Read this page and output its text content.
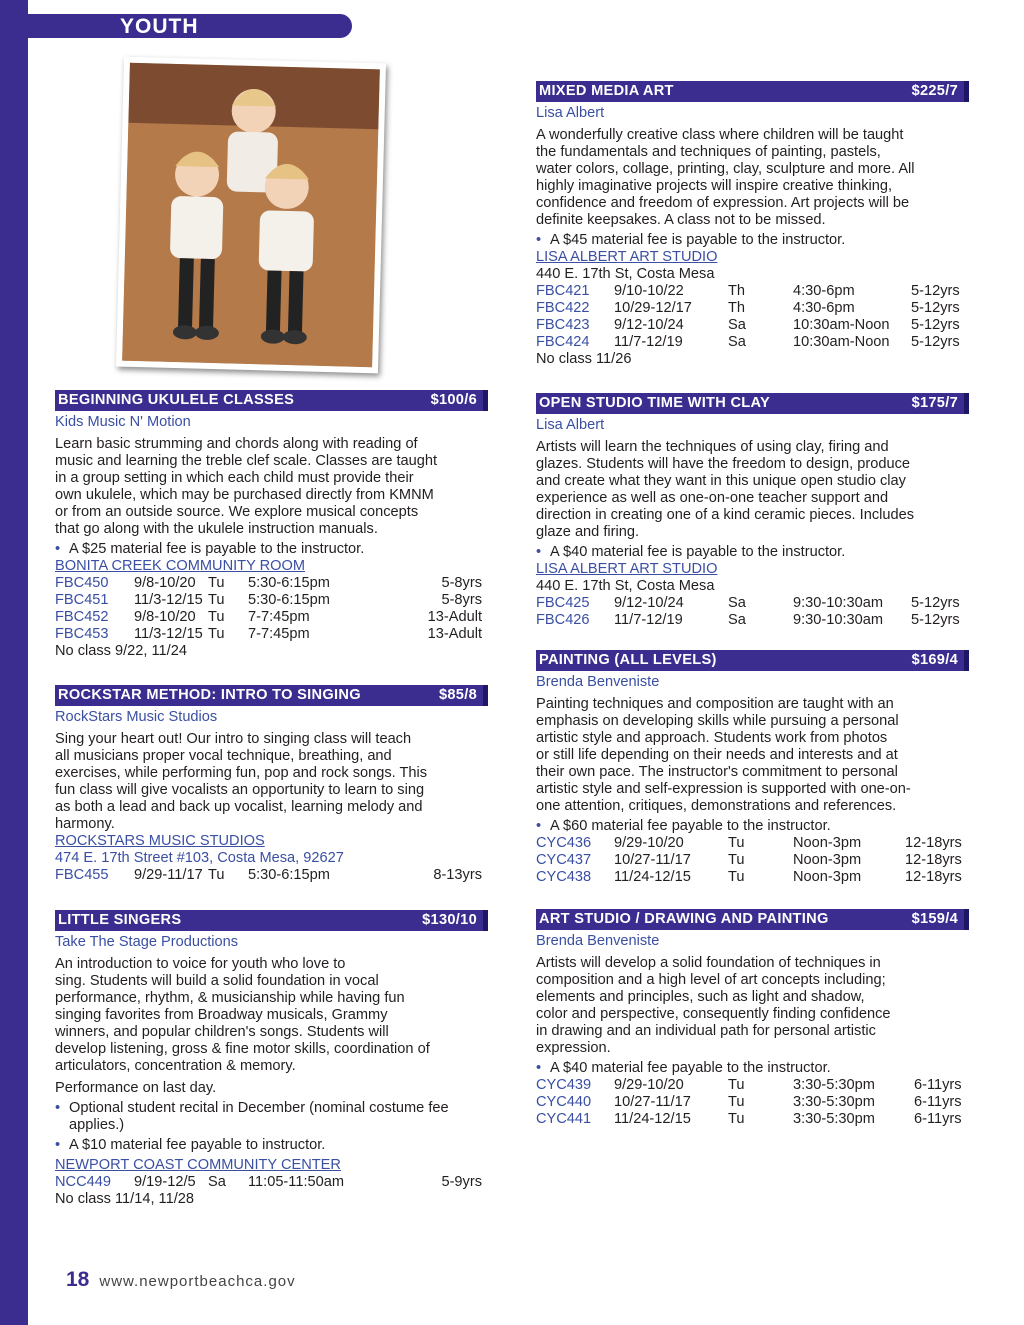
YOUTH
BEGINNING UKULELE CLASSES	$100/6
Kids Music N' Motion
Learn basic strumming and chords along with reading of
music and learning the treble clef scale. Classes are taught
in a group setting in which each child must provide their
own ukulele, which may be purchased directly from KMNM
or from an outside source. We explore musical concepts
that go along with the ukulele instruction manuals.
• A $25 material fee is payable to the instructor.
BONITA CREEK COMMUNITY ROOM
FBC450 9/8-10/20 Tu 5:30-6:15pm	5-8yrs
FBC451 11/3-12/15 Tu 5:30-6:15pm	5-8yrs
FBC452 9/8-10/20 Tu 7-7:45pm	13-Adult
FBC453 11/3-12/15 Tu 7-7:45pm	13-Adult
No class 9/22, 11/24
ROCKSTAR METHOD: INTRO TO SINGING	$85/8
RockStars Music Studios
Sing your heart out! Our intro to singing class will teach
all musicians proper vocal technique, breathing, and
exercises, while performing fun, pop and rock songs. This
fun class will give vocalists an opportunity to learn to sing
as both a lead and back up vocalist, learning melody and
harmony.
ROCKSTARS MUSIC STUDIOS
474 E. 17th Street #103, Costa Mesa, 92627
FBC455 9/29-11/17 Tu 5:30-6:15pm	8-13yrs
LITTLE SINGERS	$130/10
Take The Stage Productions
An introduction to voice for youth who love to
sing. Students will build a solid foundation in vocal
performance, rhythm, & musicianship while having fun
singing favorites from Broadway musicals, Grammy
winners, and popular children's songs. Students will
develop listening, gross & fine motor skills, coordination of
articulators, concentration & memory.
Performance on last day.
• Optional student recital in December (nominal costume fee applies.)
• A $10 material fee payable to instructor.
NEWPORT COAST COMMUNITY CENTER
NCC449 9/19-12/5 Sa 11:05-11:50am	5-9yrs
No class 11/14, 11/28
MIXED MEDIA ART	$225/7
Lisa Albert
A wonderfully creative class where children will be taught
the fundamentals and techniques of painting, pastels,
water colors, collage, printing, clay, sculpture and more. All
highly imaginative projects will inspire creative thinking,
confidence and freedom of expression. Art projects will be
definite keepsakes. A class not to be missed.
• A $45 material fee is payable to the instructor.
LISA ALBERT ART STUDIO
440 E. 17th St, Costa Mesa
FBC421 9/10-10/22	Th	4:30-6pm	5-12yrs
FBC422 10/29-12/17 Th	4:30-6pm	5-12yrs
FBC423 9/12-10/24	Sa	10:30am-Noon 5-12yrs
FBC424 11/7-12/19	Sa	10:30am-Noon 5-12yrs
No class 11/26
OPEN STUDIO TIME WITH CLAY	$175/7
Lisa Albert
Artists will learn the techniques of using clay, firing and
glazes. Students will have the freedom to design, produce
and create what they want in this unique open studio clay
experience as well as one-on-one teacher support and
direction in creating one of a kind ceramic pieces. Includes
glaze and firing.
• A $40 material fee is payable to the instructor.
LISA ALBERT ART STUDIO
440 E. 17th St, Costa Mesa
FBC425 9/12-10/24	Sa	9:30-10:30am 5-12yrs
FBC426 11/7-12/19	Sa	9:30-10:30am 5-12yrs
PAINTING (ALL LEVELS)	$169/4
Brenda Benveniste
Painting techniques and composition are taught with an
emphasis on developing skills while pursuing a personal
artistic style and approach. Students work from photos
or still life depending on their needs and interests and at
their own pace. The instructor's commitment to personal
artistic style and self-expression is supported with one-on-
one attention, critiques, demonstrations and references.
• A $60 material fee payable to the instructor.
CYC436 9/29-10/20	Tu	Noon-3pm	12-18yrs
CYC437 10/27-11/17	Tu	Noon-3pm	12-18yrs
CYC438 11/24-12/15	Tu	Noon-3pm	12-18yrs
ART STUDIO / DRAWING AND PAINTING	$159/4
Brenda Benveniste
Artists will develop a solid foundation of techniques in
composition and a high level of art concepts including;
elements and principles, such as light and shadow,
color and perspective, consequently finding confidence
in drawing and an individual path for personal artistic
expression.
• A $40 material fee payable to the instructor.
CYC439 9/29-10/20	Tu	3:30-5:30pm	6-11yrs
CYC440 10/27-11/17	Tu	3:30-5:30pm	6-11yrs
CYC441 11/24-12/15	Tu	3:30-5:30pm	6-11yrs
18 www.newportbeachca.gov
